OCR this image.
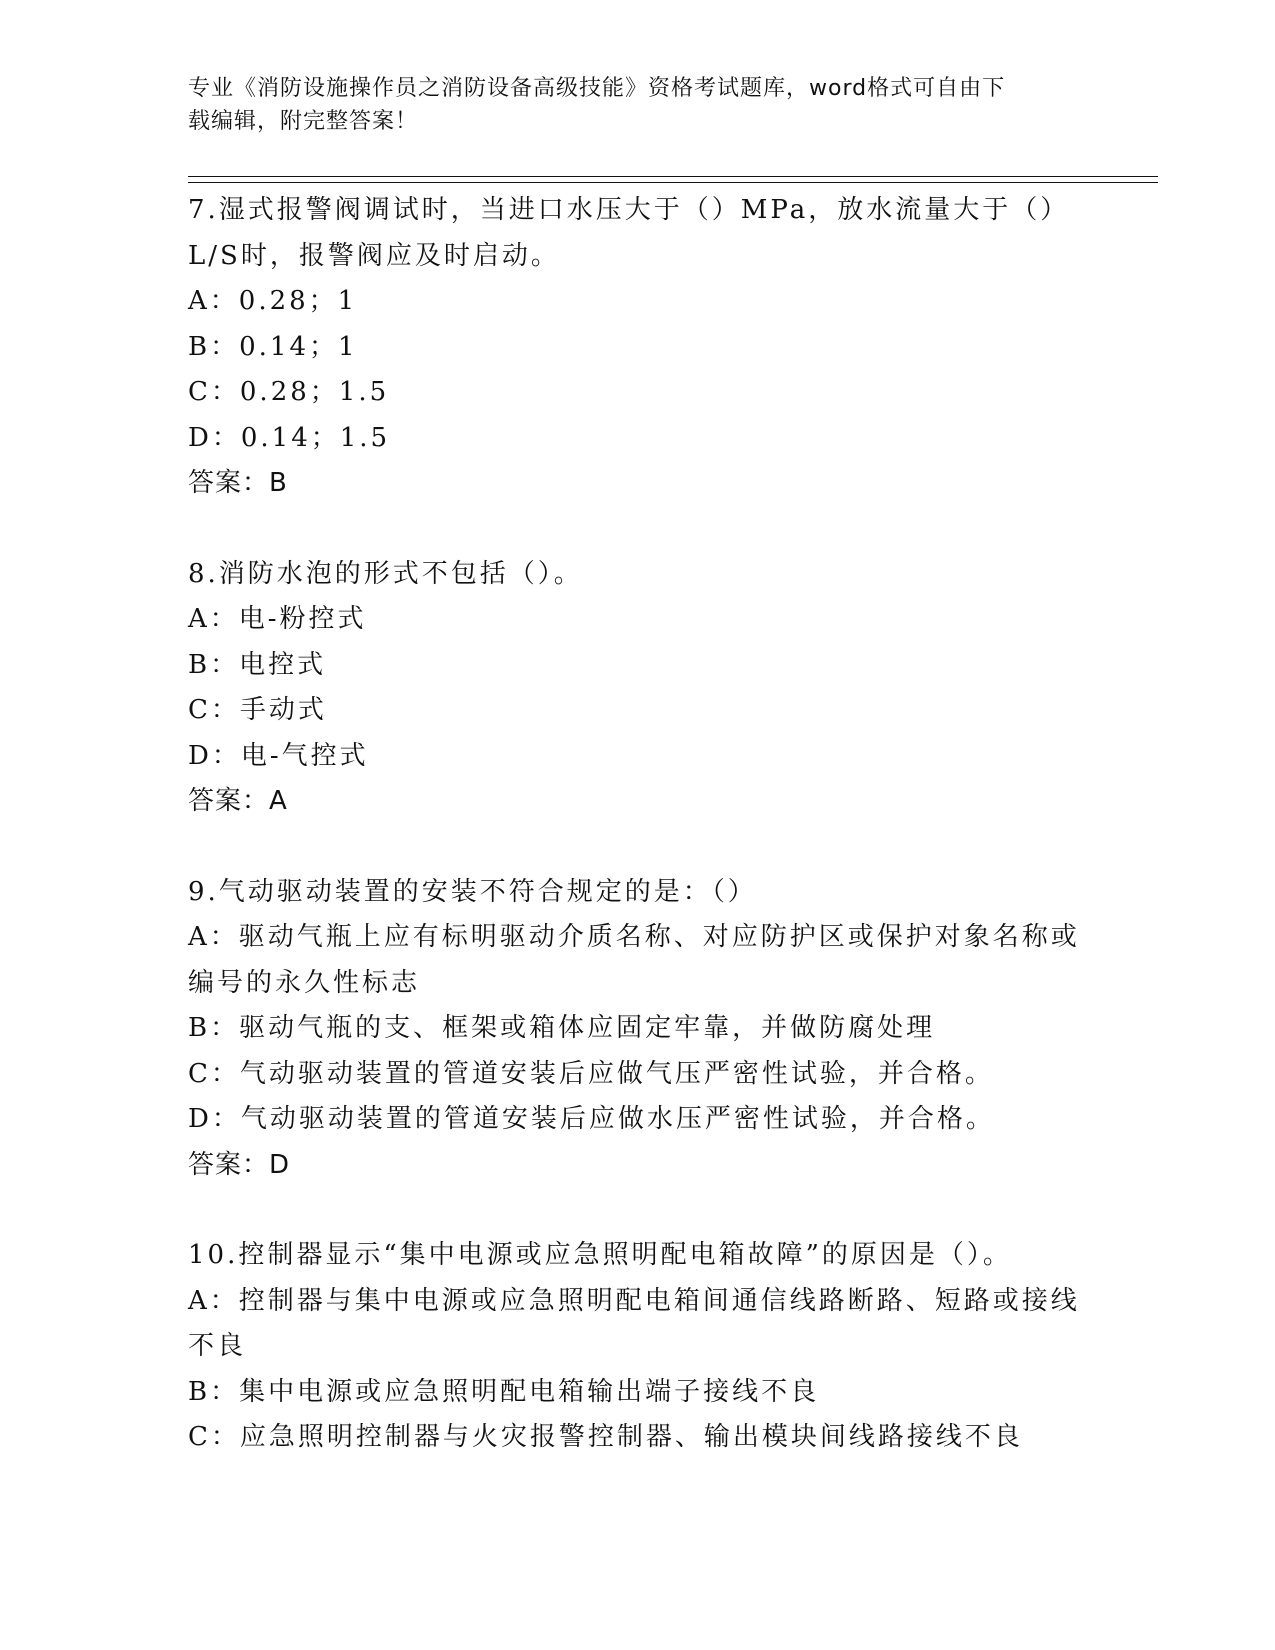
专业《消防设施操作员之消防设备高级技能》资格考试题库，word格式可自由下
载编辑，附完整答案！
7.湿式报警阀调试时，当进口水压大于（）MPa，放水流量大于（）
L/S时，报警阀应及时启动。
A：0.28；1
B：0.14；1
C：0.28；1.5
D：0.14；1.5
答案：B
8.消防水泡的形式不包括（）。
A：电-粉控式
B：电控式
C：手动式
D：电-气控式
答案：A
9.气动驱动装置的安装不符合规定的是：（）
A：驱动气瓶上应有标明驱动介质名称、对应防护区或保护对象名称或
编号的永久性标志
B：驱动气瓶的支、框架或箱体应固定牢靠，并做防腐处理
C：气动驱动装置的管道安装后应做气压严密性试验，并合格。
D：气动驱动装置的管道安装后应做水压严密性试验，并合格。
答案：D
10.控制器显示“集中电源或应急照明配电箱故障”的原因是（）。
A：控制器与集中电源或应急照明配电箱间通信线路断路、短路或接线
不良
B：集中电源或应急照明配电箱输出端子接线不良
C：应急照明控制器与火灾报警控制器、输出模块间线路接线不良
